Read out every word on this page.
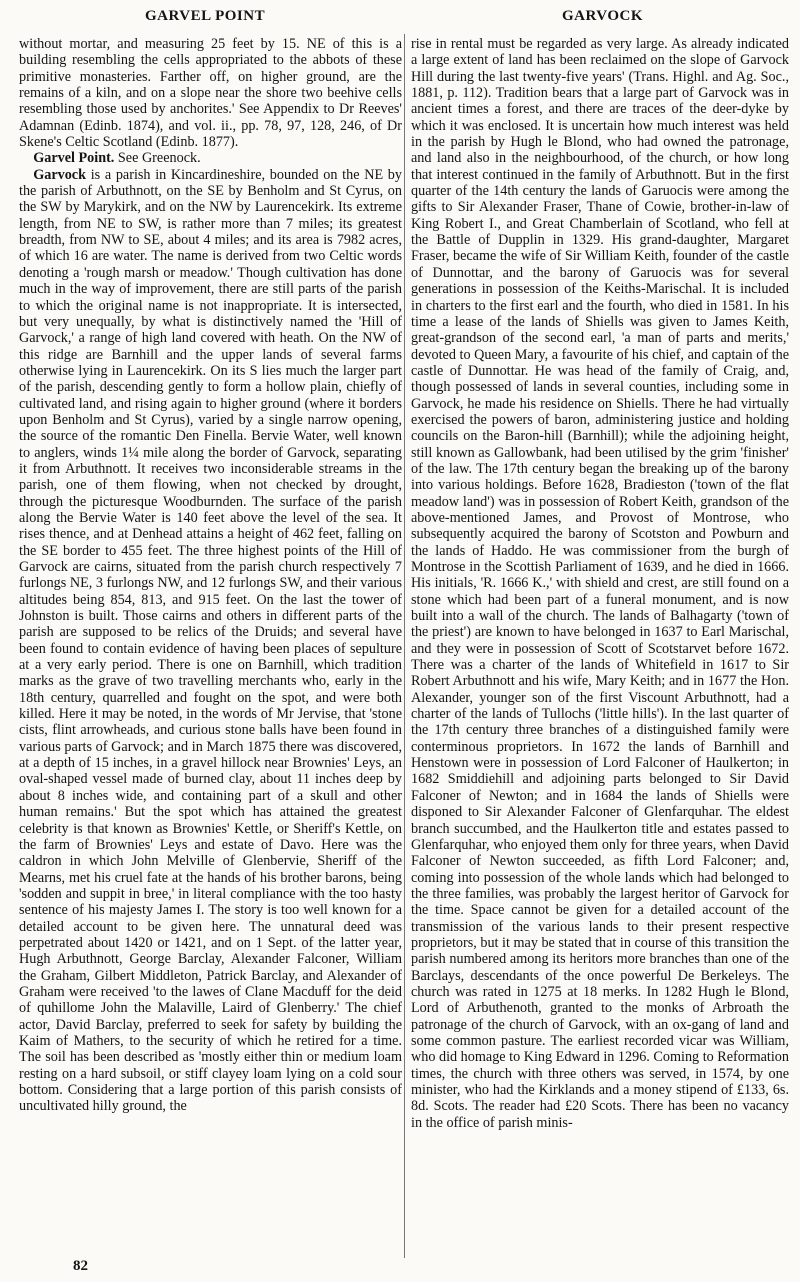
GARVEL POINT	GARVOCK

without mortar, and measuring 25 feet by 15. NE of this is a building resembling the cells appropriated to the abbots of these primitive monasteries. Farther off, on higher ground, are the remains of a kiln, and on a slope near the shore two beehive cells resembling those used by anchorites.' See Appendix to Dr Reeves' Adamnan (Edinb. 1874), and vol. ii., pp. 78, 97, 128, 246, of Dr Skene's Celtic Scotland (Edinb. 1877).

Garvel Point. See Greenock.

Garvock is a parish in Kincardineshire, bounded on the NE by the parish of Arbuthnott, on the SE by Benholm and St Cyrus, on the SW by Marykirk, and on the NW by Laurencekirk. Its extreme length, from NE to SW, is rather more than 7 miles; its greatest breadth, from NW to SE, about 4 miles; and its area is 7982 acres, of which 16 are water. The name is derived from two Celtic words denoting a 'rough marsh or meadow.' Though cultivation has done much in the way of improvement, there are still parts of the parish to which the original name is not inappropriate. It is intersected, but very unequally, by what is distinctively named the 'Hill of Garvock,' a range of high land covered with heath. On the NW of this ridge are Barnhill and the upper lands of several farms otherwise lying in Laurencekirk. On its S lies much the larger part of the parish, descending gently to form a hollow plain, chiefly of cultivated land, and rising again to higher ground (where it borders upon Benholm and St Cyrus), varied by a single narrow opening, the source of the romantic Den Finella. Bervie Water, well known to anglers, winds 1¼ mile along the border of Garvock, separating it from Arbuthnott. It receives two inconsiderable streams in the parish, one of them flowing, when not checked by drought, through the picturesque Woodburnden. The surface of the parish along the Bervie Water is 140 feet above the level of the sea. It rises thence, and at Denhead attains a height of 462 feet, falling on the SE border to 455 feet. The three highest points of the Hill of Garvock are cairns, situated from the parish church respectively 7 furlongs NE, 3 furlongs NW, and 12 furlongs SW, and their various altitudes being 854, 813, and 915 feet. On the last the tower of Johnston is built. Those cairns and others in different parts of the parish are supposed to be relics of the Druids; and several have been found to contain evidence of having been places of sepulture at a very early period. There is one on Barnhill, which tradition marks as the grave of two travelling merchants who, early in the 18th century, quarrelled and fought on the spot, and were both killed. Here it may be noted, in the words of Mr Jervise, that 'stone cists, flint arrowheads, and curious stone balls have been found in various parts of Garvock; and in March 1875 there was discovered, at a depth of 15 inches, in a gravel hillock near Brownies' Leys, an oval-shaped vessel made of burned clay, about 11 inches deep by about 8 inches wide, and containing part of a skull and other human remains.' But the spot which has attained the greatest celebrity is that known as Brownies' Kettle, or Sheriff's Kettle, on the farm of Brownies' Leys and estate of Davo. Here was the caldron in which John Melville of Glenbervie, Sheriff of the Mearns, met his cruel fate at the hands of his brother barons, being 'sodden and suppit in bree,' in literal compliance with the too hasty sentence of his majesty James I. The story is too well known for a detailed account to be given here. The unnatural deed was perpetrated about 1420 or 1421, and on 1 Sept. of the latter year, Hugh Arbuthnott, George Barclay, Alexander Falconer, William the Graham, Gilbert Middleton, Patrick Barclay, and Alexander of Graham were received 'to the lawes of Clane Macduff for the deid of quhillome John the Malaville, Laird of Glenberry.' The chief actor, David Barclay, preferred to seek for safety by building the Kaim of Mathers, to the security of which he retired for a time. The soil has been described as 'mostly either thin or medium loam resting on a hard subsoil, or stiff clayey loam lying on a cold sour bottom. Considering that a large portion of this parish consists of uncultivated hilly ground, the

rise in rental must be regarded as very large. As already indicated a large extent of land has been reclaimed on the slope of Garvock Hill during the last twenty-five years' (Trans. Highl. and Ag. Soc., 1881, p. 112). Tradition bears that a large part of Garvock was in ancient times a forest, and there are traces of the deer-dyke by which it was enclosed. It is uncertain how much interest was held in the parish by Hugh le Blond, who had owned the patronage, and land also in the neighbourhood, of the church, or how long that interest continued in the family of Arbuthnott. But in the first quarter of the 14th century the lands of Garuocis were among the gifts to Sir Alexander Fraser, Thane of Cowie, brother-in-law of King Robert I., and Great Chamberlain of Scotland, who fell at the Battle of Dupplin in 1329. His grand-daughter, Margaret Fraser, became the wife of Sir William Keith, founder of the castle of Dunnottar, and the barony of Garuocis was for several generations in possession of the Keiths-Marischal. It is included in charters to the first earl and the fourth, who died in 1581. In his time a lease of the lands of Shiells was given to James Keith, great-grandson of the second earl, 'a man of parts and merits,' devoted to Queen Mary, a favourite of his chief, and captain of the castle of Dunnottar. He was head of the family of Craig, and, though possessed of lands in several counties, including some in Garvock, he made his residence on Shiells. There he had virtually exercised the powers of baron, administering justice and holding councils on the Baron-hill (Barnhill); while the adjoining height, still known as Gallowbank, had been utilised by the grim 'finisher' of the law. The 17th century began the breaking up of the barony into various holdings. Before 1628, Bradieston ('town of the flat meadow land') was in possession of Robert Keith, grandson of the above-mentioned James, and Provost of Montrose, who subsequently acquired the barony of Scotston and Powburn and the lands of Haddo. He was commissioner from the burgh of Montrose in the Scottish Parliament of 1639, and he died in 1666. His initials, 'R. 1666 K.,' with shield and crest, are still found on a stone which had been part of a funeral monument, and is now built into a wall of the church. The lands of Balhagarty ('town of the priest') are known to have belonged in 1637 to Earl Marischal, and they were in possession of Scott of Scotstarvet before 1672. There was a charter of the lands of Whitefield in 1617 to Sir Robert Arbuthnott and his wife, Mary Keith; and in 1677 the Hon. Alexander, younger son of the first Viscount Arbuthnott, had a charter of the lands of Tullochs ('little hills'). In the last quarter of the 17th century three branches of a distinguished family were conterminous proprietors. In 1672 the lands of Barnhill and Henstown were in possession of Lord Falconer of Haulkerton; in 1682 Smiddiehill and adjoining parts belonged to Sir David Falconer of Newton; and in 1684 the lands of Shiells were disponed to Sir Alexander Falconer of Glenfarquhar. The eldest branch succumbed, and the Haulkerton title and estates passed to Glenfarquhar, who enjoyed them only for three years, when David Falconer of Newton succeeded, as fifth Lord Falconer; and, coming into possession of the whole lands which had belonged to the three families, was probably the largest heritor of Garvock for the time. Space cannot be given for a detailed account of the transmission of the various lands to their present respective proprietors, but it may be stated that in course of this transition the parish numbered among its heritors more branches than one of the Barclays, descendants of the once powerful De Berkeleys. The church was rated in 1275 at 18 merks. In 1282 Hugh le Blond, Lord of Arbuthenoth, granted to the monks of Arbroath the patronage of the church of Garvock, with an ox-gang of land and some common pasture. The earliest recorded vicar was William, who did homage to King Edward in 1296. Coming to Reformation times, the church with three others was served, in 1574, by one minister, who had the Kirklands and a money stipend of £133, 6s. 8d. Scots. The reader had £20 Scots. There has been no vacancy in the office of parish minis-

82
